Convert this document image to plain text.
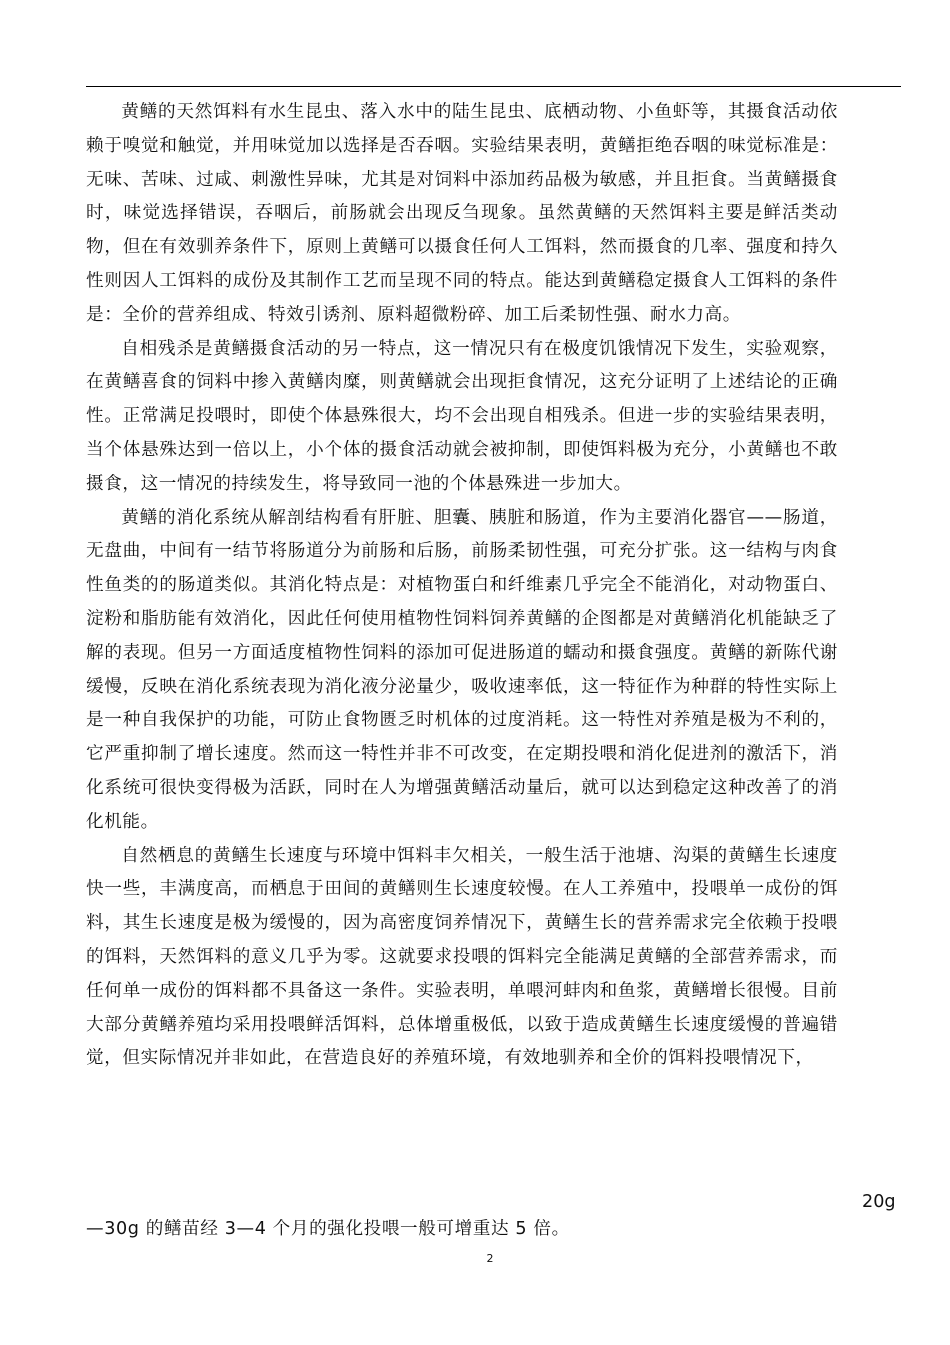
黄鳝的天然饵料有水生昆虫、落入水中的陆生昆虫、底栖动物、小鱼虾等，其摄食活动依赖于嗅觉和触觉，并用味觉加以选择是否吞咽。实验结果表明，黄鳝拒绝吞咽的味觉标准是：无味、苦味、过咸、刺激性异味，尤其是对饲料中添加药品极为敏感，并且拒食。当黄鳝摄食时，味觉选择错误，吞咽后，前肠就会出现反刍现象。虽然黄鳝的天然饵料主要是鲜活类动物，但在有效驯养条件下，原则上黄鳝可以摄食任何人工饵料，然而摄食的几率、强度和持久性则因人工饵料的成份及其制作工艺而呈现不同的特点。能达到黄鳝稳定摄食人工饵料的条件是：全价的营养组成、特效引诱剂、原料超微粉碎、加工后柔韧性强、耐水力高。

自相残杀是黄鳝摄食活动的另一特点，这一情况只有在极度饥饿情况下发生，实验观察，在黄鳝喜食的饲料中掺入黄鳝肉糜，则黄鳝就会出现拒食情况，这充分证明了上述结论的正确性。正常满足投喂时，即使个体悬殊很大，均不会出现自相残杀。但进一步的实验结果表明，当个体悬殊达到一倍以上，小个体的摄食活动就会被抑制，即使饵料极为充分，小黄鳝也不敢摄食，这一情况的持续发生，将导致同一池的个体悬殊进一步加大。

黄鳝的消化系统从解剖结构看有肝脏、胆囊、胰脏和肠道，作为主要消化器官——肠道，无盘曲，中间有一结节将肠道分为前肠和后肠，前肠柔韧性强，可充分扩张。这一结构与肉食性鱼类的的肠道类似。其消化特点是：对植物蛋白和纤维素几乎完全不能消化，对动物蛋白、淀粉和脂肪能有效消化，因此任何使用植物性饲料饲养黄鳝的企图都是对黄鳝消化机能缺乏了解的表现。但另一方面适度植物性饲料的添加可促进肠道的蠕动和摄食强度。黄鳝的新陈代谢缓慢，反映在消化系统表现为消化液分泌量少，吸收速率低，这一特征作为种群的特性实际上是一种自我保护的功能，可防止食物匮乏时机体的过度消耗。这一特性对养殖是极为不利的，它严重抑制了增长速度。然而这一特性并非不可改变，在定期投喂和消化促进剂的激活下，消化系统可很快变得极为活跃，同时在人为增强黄鳝活动量后，就可以达到稳定这种改善了的消化机能。

自然栖息的黄鳝生长速度与环境中饵料丰欠相关，一般生活于池塘、沟渠的黄鳝生长速度快一些，丰满度高，而栖息于田间的黄鳝则生长速度较慢。在人工养殖中，投喂单一成份的饵料，其生长速度是极为缓慢的，因为高密度饲养情况下，黄鳝生长的营养需求完全依赖于投喂的饵料，天然饵料的意义几乎为零。这就要求投喂的饵料完全能满足黄鳝的全部营养需求，而任何单一成份的饵料都不具备这一条件。实验表明，单喂河蚌肉和鱼浆，黄鳝增长很慢。目前大部分黄鳝养殖均采用投喂鲜活饵料，总体增重极低，以致于造成黄鳝生长速度缓慢的普遍错觉，但实际情况并非如此，在营造良好的养殖环境，有效地驯养和全价的饵料投喂情况下，

20g
—30g 的鳝苗经 3—4 个月的强化投喂一般可增重达 5 倍。
2
